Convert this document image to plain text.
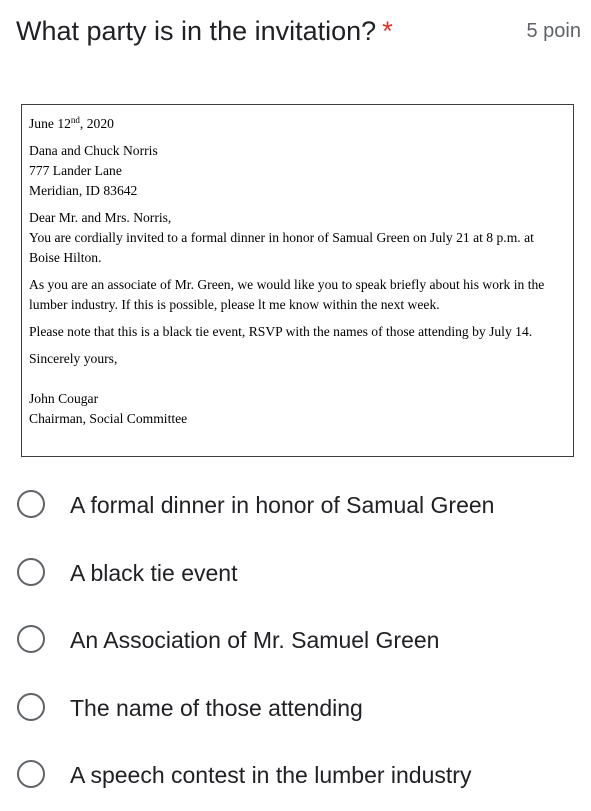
What party is in the invitation? *	5 poin
June 12nd, 2020
Dana and Chuck Norris
777 Lander Lane
Meridian, ID 83642
Dear Mr. and Mrs. Norris,
You are cordially invited to a formal dinner in honor of Samual Green on July 21 at 8 p.m. at Boise Hilton.
As you are an associate of Mr. Green, we would like you to speak briefly about his work in the lumber industry. If this is possible, please lt me know within the next week.
Please note that this is a black tie event, RSVP with the names of those attending by July 14.
Sincerely yours,
John Cougar
Chairman, Social Committee
A formal dinner in honor of Samual Green
A black tie event
An Association of Mr. Samuel Green
The name of those attending
A speech contest in the lumber industry
